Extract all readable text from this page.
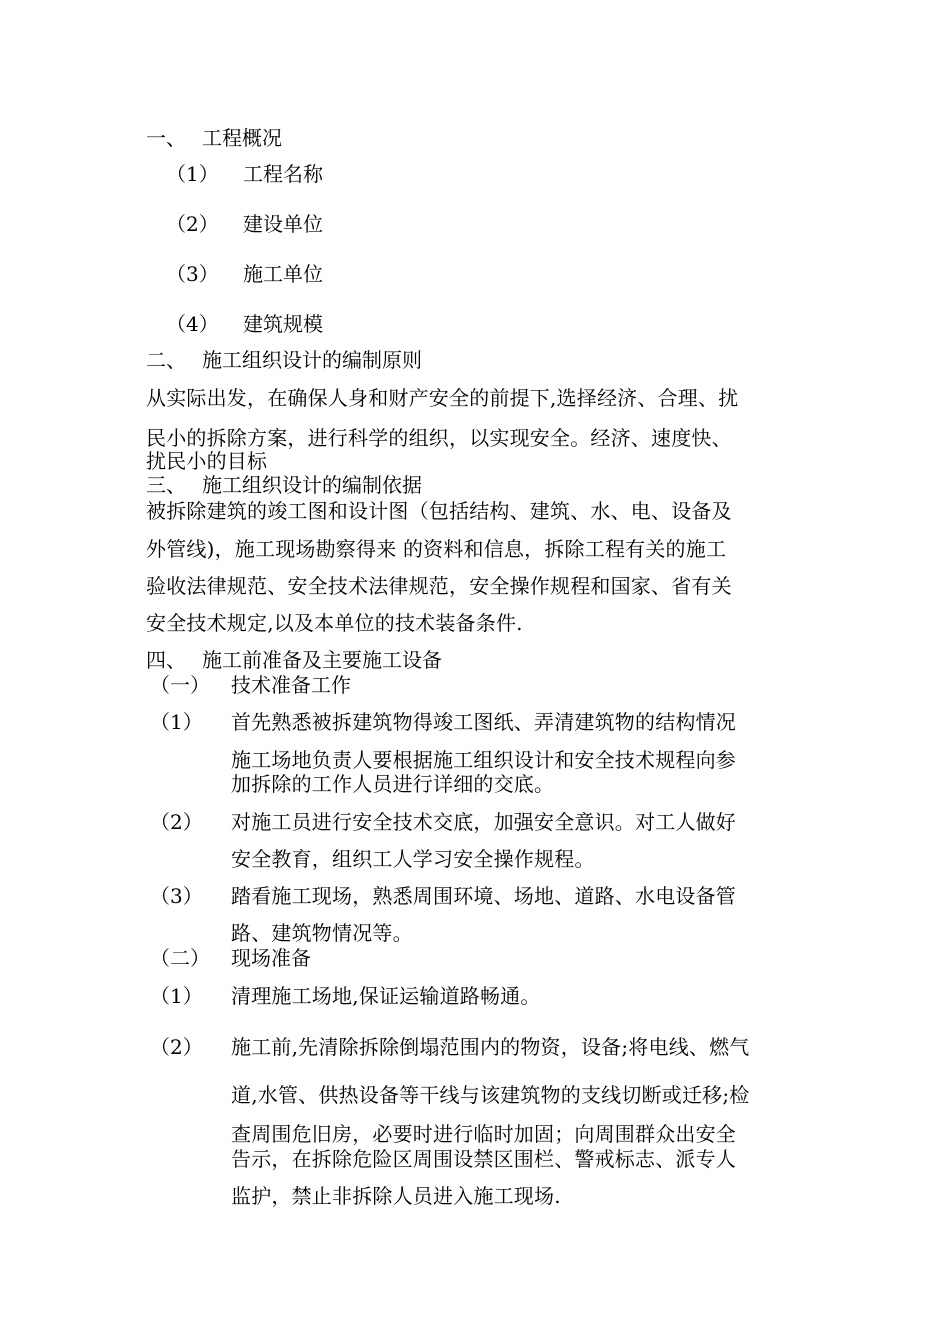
一、 工程概况
（1） 工程名称
（2） 建设单位
（3） 施工单位
（4） 建筑规模
二、 施工组织设计的编制原则
从实际出发，在确保人身和财产安全的前提下,选择经济、合理、扰
民小的拆除方案，进行科学的组织，以实现安全。经济、速度快、
扰民小的目标
三、 施工组织设计的编制依据
被拆除建筑的竣工图和设计图（包括结构、建筑、水、电、设备及
外管线)，施工现场勘察得来 的资料和信息，拆除工程有关的施工
验收法律规范、安全技术法律规范，安全操作规程和国家、省有关
安全技术规定,以及本单位的技术装备条件.
四、 施工前准备及主要施工设备
（一） 技术准备工作
（1） 首先熟悉被拆建筑物得竣工图纸、弄清建筑物的结构情况
施工场地负责人要根据施工组织设计和安全技术规程向参
加拆除的工作人员进行详细的交底。
（2） 对施工员进行安全技术交底，加强安全意识。对工人做好
安全教育，组织工人学习安全操作规程。
（3） 踏看施工现场，熟悉周围环境、场地、道路、水电设备管
路、建筑物情况等。
（二） 现场准备
（1） 清理施工场地,保证运输道路畅通。
（2） 施工前,先清除拆除倒塌范围内的物资，设备;将电线、燃气
道,水管、供热设备等干线与该建筑物的支线切断或迁移;检
查周围危旧房，必要时进行临时加固；向周围群众出安全
告示，在拆除危险区周围设禁区围栏、警戒标志、派专人
监护，禁止非拆除人员进入施工现场.
